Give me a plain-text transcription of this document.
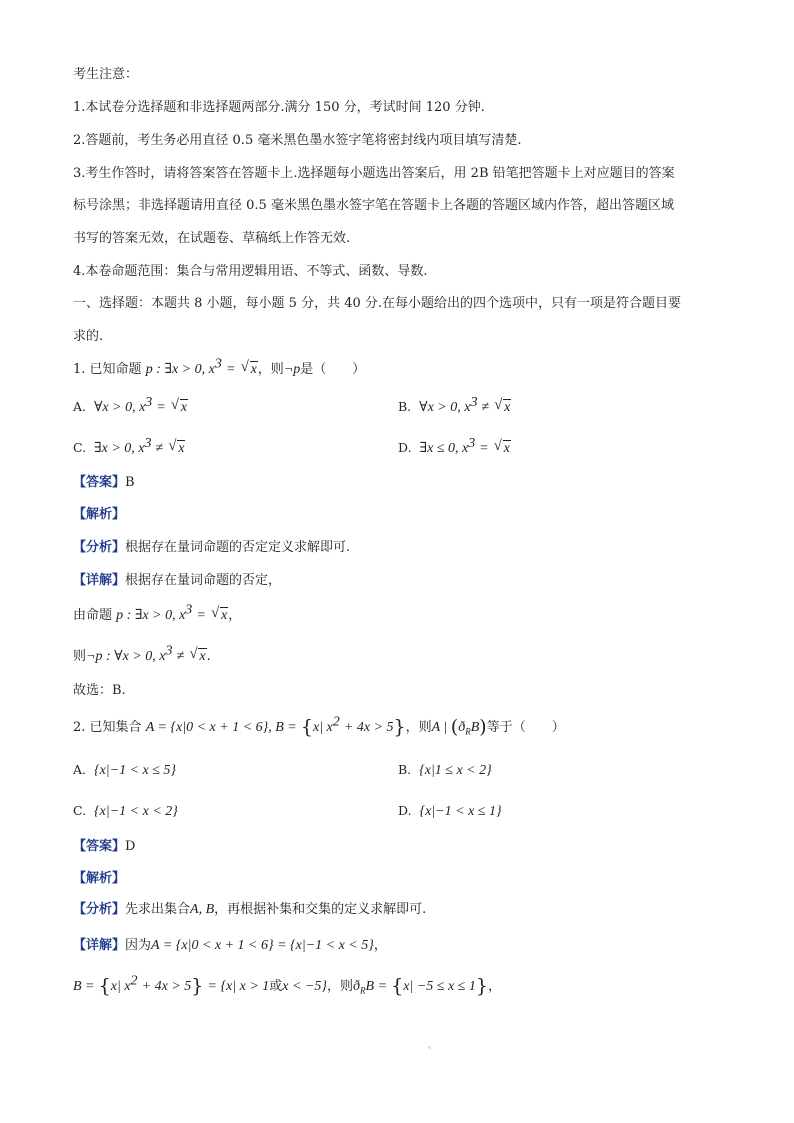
考生注意：
1.本试卷分选择题和非选择题两部分.满分 150 分，考试时间 120 分钟.
2.答题前，考生务必用直径 0.5 毫米黑色墨水签字笔将密封线内项目填写清楚.
3.考生作答时，请将答案答在答题卡上.选择题每小题选出答案后，用 2B 铅笔把答题卡上对应题目的答案
标号涂黑；非选择题请用直径 0.5 毫米黑色墨水签字笔在答题卡上各题的答题区域内作答，超出答题区域
书写的答案无效，在试题卷、草稿纸上作答无效.
4.本卷命题范围：集合与常用逻辑用语、不等式、函数、导数.
一、选择题：本题共 8 小题，每小题 5 分，共 40 分.在每小题给出的四个选项中，只有一项是符合题目要
求的.
1. 已知命题 p : ∃x > 0, $x^3$ = √ x，则¬p是（　　）
A. ∀x > 0, $x^3$ = √ x	B. ∀x > 0, $x^3$ ≠ √ x
C. ∃x > 0, $x^3$ ≠ √ x	D. ∃x ≤ 0, $x^3$ = √ x
【答案】B
【解析】
【分析】根据存在量词命题的否定定义求解即可.
【详解】根据存在量词命题的否定，
由命题 p : ∃x > 0, $x^3$ = √ x，
则¬p : ∀x > 0, $x^3$ ≠ √ x.
故选：B.
2. 已知集合 A = {x|0 < x + 1 < 6}, B = {x| $x^2 + 4x > 5$}，则A | $(ð_RB)$等于（　　）
A. {x|−1 < x ≤ 5}	B. {x|1 ≤ x < 2}
C. {x|−1 < x < 2}	D. {x|−1 < x ≤ 1}
【答案】D
【解析】
【分析】先求出集合A, B，再根据补集和交集的定义求解即可.
【详解】因为A = {x|0 < x + 1 < 6} = {x|−1 < x < 5}，
B = {x| $x^2 + 4x > 5\} = \{x|$ x > 1或x < −5}，则$ð_RB = \{x| -5 \le x \le 1\}$，
